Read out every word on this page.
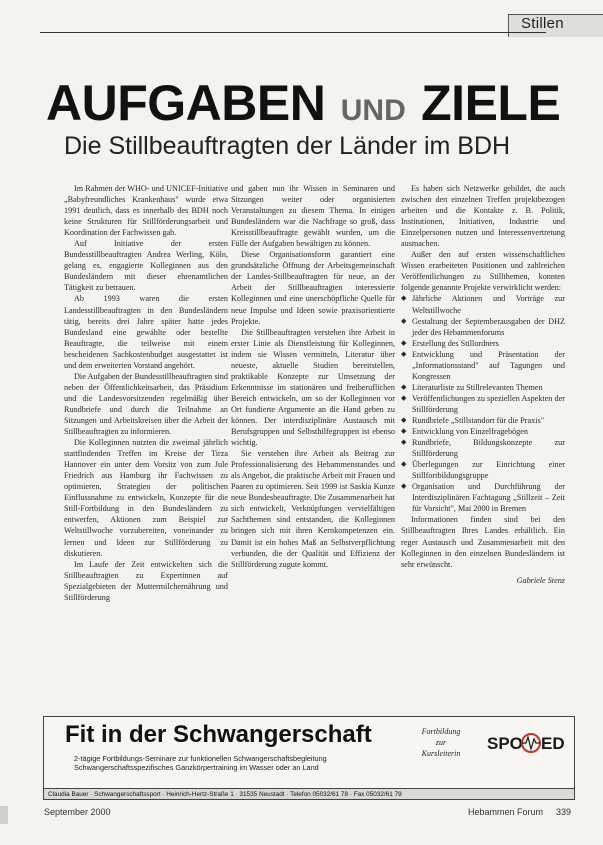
Stillen
AUFGABEN UND ZIELE
Die Stillbeauftragten der Länder im BDH

Im Rahmen der WHO- und UNICEF-Initiative „Babyfreundliches Krankenhaus" wurde etwa 1991 deutlich, dass es innerhalb des BDH noch keine Strukturen für Stillförderungsarbeit und Koordination der Fachwissen gab.

Auf Initiative der ersten Bundesstillbeauftragten Andrea Werling, Köln, gelang es, engagierte Kolleginnen aus den Bundesländern mit dieser ehrenamtlichen Tätigkeit zu betrauen.

Ab 1993 waren die ersten Landesstillbeauftragten in den Bundesländern tätig, bereits drei Jahre später hatte jedes Bundesland eine gewählte oder bestellte Beauftragte, die teilweise mit einem bescheidenen Sachkostenbudget ausgestattet ist und dem erweiterten Vorstand angehört.

Die Aufgaben der Bundesstillbeauftragten sind neben der Öffentlichkeitsarbeit, das Präsidium und die Landesvorsitzenden regelmäßig über Rundbriefe und durch die Teilnahme an Sitzungen und Arbeitskreisen über die Arbeit der Stillbeauftragten zu informieren.

Die Kolleginnen nutzten die zweimal jährlich stattfindenden Treffen im Kreise der Tirza Hannover ein unter dem Vorsitz von zum Jule Friedrich aus Hamburg ihr Fachwissen zu optimieren, Strategien der politischen Einflussnahme zu entwickeln, Konzepte für die Still-Fortbildung in den Bundesländern zu entwerfen, Aktionen zum Beispiel zur Weltstillwoche vorzubereiten, voneinander zu lernen und Ideen zur Stillförderung zu diskutieren.

Im Laufe der Zeit entwickelten sich die Stillbeauftragten zu Expertinnen auf Spezialgebieten der Muttermilchernährung und Stillförderung

und gaben nun ihr Wissen in Seminaren und Sitzungen weiter oder organisierten Veranstaltungen zu diesem Thema. In einigen Bundesländern war die Nachfrage so groß, dass Kreisstillbeauftragte gewählt wurden, um die Fülle der Aufgaben bewältigen zu können.

Diese Organisationsform garantiert eine grundsätzliche Öffnung der Arbeitsgemeinschaft der Landes-Stillbeauftragten für neue, an der Arbeit der Stillbeauftragten interessierte Kolleginnen und eine unerschöpfliche Quelle für neue Impulse und Ideen sowie praxisorientierte Projekte.

Die Stillbeauftragten verstehen ihre Arbeit in erster Linie als Dienstleistung für Kolleginnen, indem sie Wissen vermitteln, Literatur über neueste, aktuelle Studien bereitstellen, praktikable Konzepte zur Umsetzung der Erkenntnisse im stationären und freiberuflichen Bereich entwickeln, um so der Kolleginnen vor Ort fundierte Argumente an die Hand geben zu können. Der interdisziplinäre Austausch mit Berufsgruppen und Selbsthilfegruppen ist ebenso wichtig.

Sie verstehen ihre Arbeit als Beitrag zur Professionalisierung des Hebammenstandes und als Angebot, die praktische Arbeit mit Frauen und Paaren zu optimieren. Seit 1999 ist Saskia Kunze neue Bundesbeauftragte. Die Zusammenarbeit hat sich entwickelt, Verknüpfungen vervielfältigen Sachthemen sind entstanden, die Kolleginnen bringen sich mit ihren Kernkompetenzen ein. Damit ist ein hohes Maß an Selbstverpflichtung verbunden, die der Qualität und Effizienz der Stillförderung zugute kommt.

Es haben sich Netzwerke gebildet, die auch zwischen den einzelnen Treffen projektbezogen arbeiten und die Kontakte z. B. Politik, Institutionen, Initiativen, Industrie und Einzelpersonen nutzen und Interessenvertretung ausmachen.

Außer den auf ersten wissenschaftlichen Wissen erarbeiteten Positionen und zahlreichen Veröffentlichungen zu Stillthemen, konnten folgende genannte Projekte verwirklicht werden:

◆ Jährliche Aktionen und Vorträge zur Weltstillwoche
◆ Gestaltung der Septemberausgaben der DHZ jeder des Hebammenforums
◆ Erstellung des Stillordners
◆ Entwicklung und Präsentation der „Informationsstand" auf Tagungen und Kongressen
◆ Literaturliste zu Stillrelevanten Themen
◆ Veröffentlichungen zu speziellen Aspekten der Stillförderung
◆ Rundbriefe „Stillstandort für die Praxis"
◆ Entwicklung von Einzelfragebögen
◆ Rundbriefe, Bildungskonzepte zur Stillförderung
◆ Überlegungen zur Einrichtung einer Stillfortbildungsgruppe
◆ Organisation und Durchführung der Interdisziplinären Fachtagung „Stillzeit – Zeit für Vorsicht", Mai 2000 in Bremen

Informationen finden sind bei den Stillbeauftragten Ihres Landes erhältlich. Ein reger Austausch und Zusammenarbeit mit den Kolleginnen in den einzelnen Bundesländern ist sehr erwünscht.

Gabriele Stenz
Fit in der Schwangerschaft
2-tägige Fortbildungs-Seminare zur funktionellen Schwangerschaftsbegleitung
Schwangerschaftsspezifisches Ganzkörpertraining im Wasser oder an Land
Fortbildung
zur
Kursleiterin
SPO ED
Claudia Bauer · Schwangerschaftssport · Heinrich-Hertz-Straße 1 · 31535 Neustadt · Telefon 05032/61 78 · Fax 05032/61 79
September 2000	Hebammen Forum 339
